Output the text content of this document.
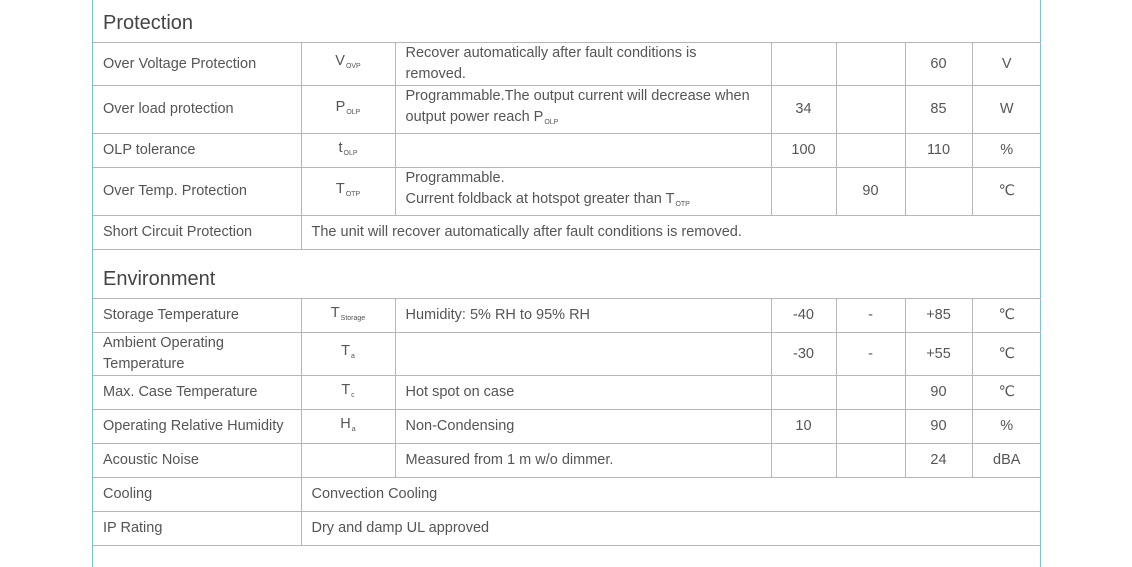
Protection
Over Voltage Protection	$V_{OVP}$	Recover automatically after fault conditions is removed.			60	V
Over load protection	$P_{OLP}$	Programmable.The output current will decrease when
output power reach $P_{OLP}$	34		85	W
OLP tolerance	$t_{OLP}$		100		110	%
Over Temp. Protection	$T_{OTP}$	Programmable.
Current foldback at hotspot greater than $T_{OTP}$		90		℃
Short Circuit Protection	The unit will recover automatically after fault conditions is removed.					
Environment
Storage Temperature	$T_{Storage}$	Humidity: 5% RH to 95% RH	-40	-	+85	℃

Ambient Operating
Temperature	$T_a$		-30	-	+55	℃
Max. Case Temperature	$T_c$	Hot spot on case			90	℃
Operating Relative Humidity	$H_a$	Non-Condensing	10		90	%
Acoustic Noise		Measured from 1 m w/o dimmer.			24	dBA
Cooling	Convection Cooling					
IP Rating	Dry and damp UL approved					
